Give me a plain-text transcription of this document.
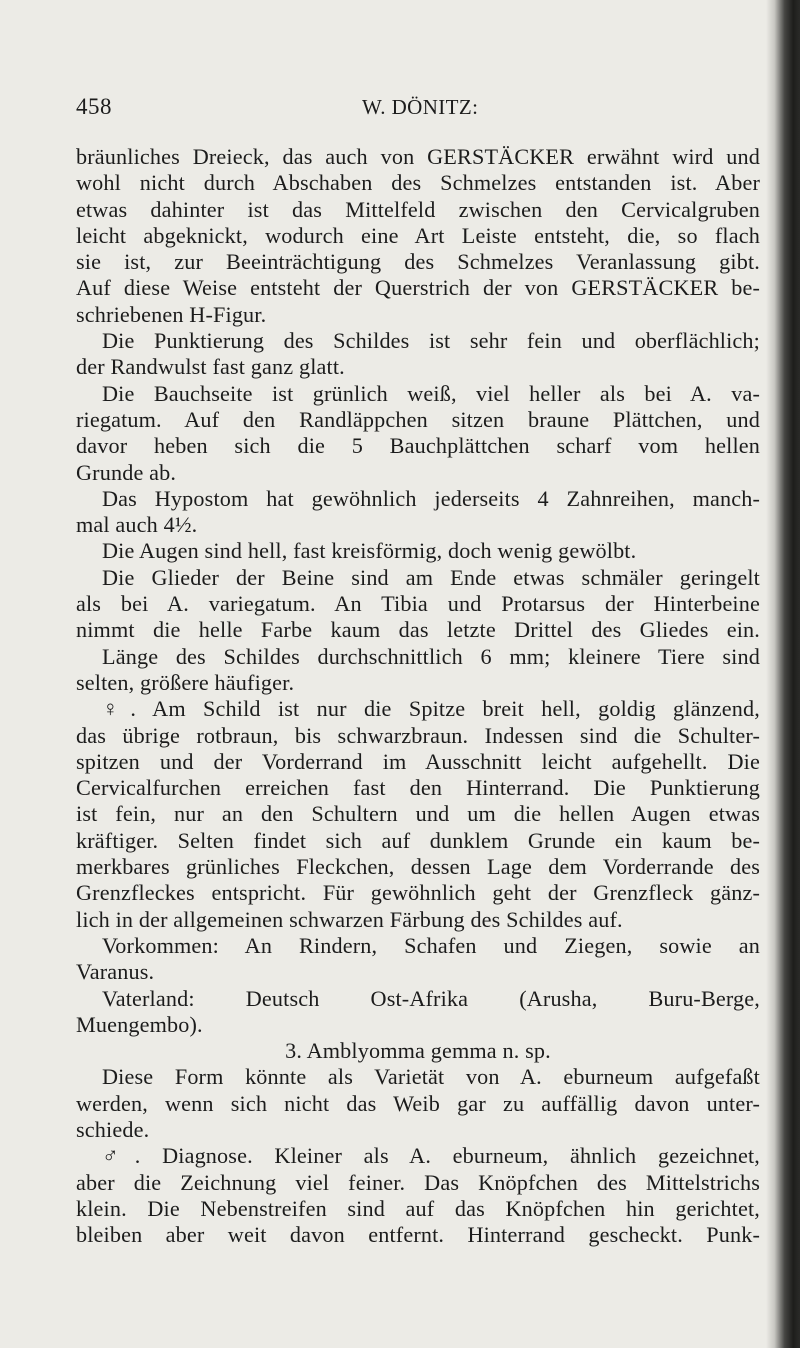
458	W. DÖNITZ:
bräunliches Dreieck, das auch von GERSTÄCKER erwähnt wird und
wohl nicht durch Abschaben des Schmelzes entstanden ist. Aber
etwas dahinter ist das Mittelfeld zwischen den Cervicalgruben
leicht abgeknickt, wodurch eine Art Leiste entsteht, die, so flach
sie ist, zur Beeinträchtigung des Schmelzes Veranlassung gibt.
Auf diese Weise entsteht der Querstrich der von GERSTÄCKER be-
schriebenen H-Figur.
Die Punktierung des Schildes ist sehr fein und oberflächlich;
der Randwulst fast ganz glatt.
Die Bauchseite ist grünlich weiß, viel heller als bei A. va-
riegatum. Auf den Randläppchen sitzen braune Plättchen, und
davor heben sich die 5 Bauchplättchen scharf vom hellen
Grunde ab.
Das Hypostom hat gewöhnlich jederseits 4 Zahnreihen, manch-
mal auch 4½.
Die Augen sind hell, fast kreisförmig, doch wenig gewölbt.
Die Glieder der Beine sind am Ende etwas schmäler geringelt
als bei A. variegatum. An Tibia und Protarsus der Hinterbeine
nimmt die helle Farbe kaum das letzte Drittel des Gliedes ein.
Länge des Schildes durchschnittlich 6 mm; kleinere Tiere sind
selten, größere häufiger.
♀. Am Schild ist nur die Spitze breit hell, goldig glänzend,
das übrige rotbraun, bis schwarzbraun. Indessen sind die Schulter-
spitzen und der Vorderrand im Ausschnitt leicht aufgehellt. Die
Cervicalfurchen erreichen fast den Hinterrand. Die Punktierung
ist fein, nur an den Schultern und um die hellen Augen etwas
kräftiger. Selten findet sich auf dunklem Grunde ein kaum be-
merkbares grünliches Fleckchen, dessen Lage dem Vorderrande des
Grenzfleckes entspricht. Für gewöhnlich geht der Grenzfleck gänz-
lich in der allgemeinen schwarzen Färbung des Schildes auf.
Vorkommen: An Rindern, Schafen und Ziegen, sowie an
Varanus.
Vaterland: Deutsch Ost-Afrika (Arusha, Buru-Berge,
Muengembo).
3. Amblyomma gemma n. sp.
Diese Form könnte als Varietät von A. eburneum aufgefaßt
werden, wenn sich nicht das Weib gar zu auffällig davon unter-
schiede.
♂. Diagnose. Kleiner als A. eburneum, ähnlich gezeichnet,
aber die Zeichnung viel feiner. Das Knöpfchen des Mittelstrichs
klein. Die Nebenstreifen sind auf das Knöpfchen hin gerichtet,
bleiben aber weit davon entfernt. Hinterrand gescheckt. Punk-
